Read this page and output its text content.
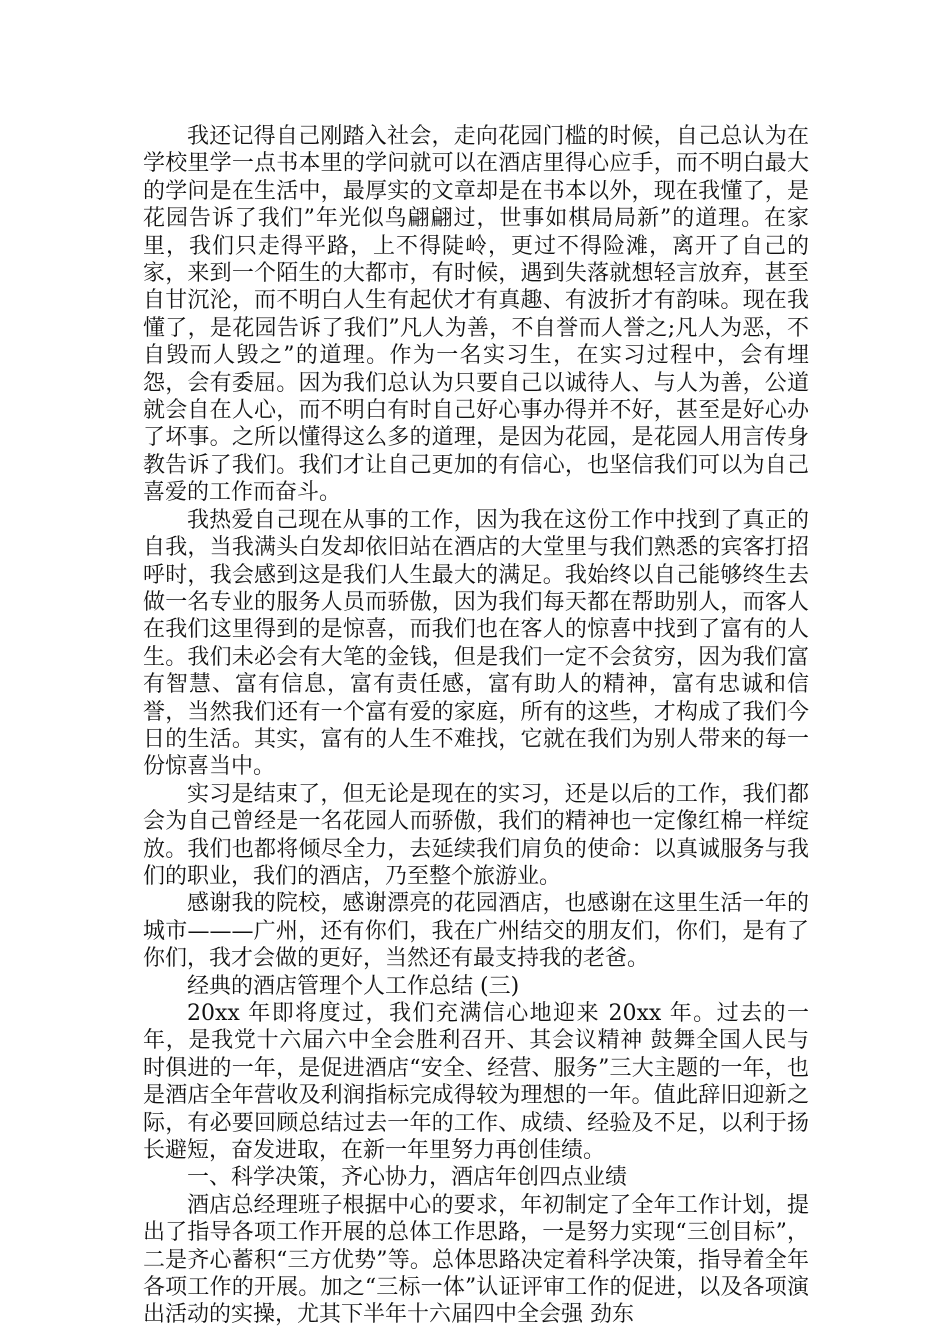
我还记得自己刚踏入社会，走向花园门槛的时候，自己总认为在学校里学一点书本里的学问就可以在酒店里得心应手，而不明白最大的学问是在生活中，最厚实的文章却是在书本以外，现在我懂了，是花园告诉了我们”年光似鸟翩翩过，世事如棋局局新”的道理。在家里，我们只走得平路，上不得陡岭，更过不得险滩，离开了自己的家，来到一个陌生的大都市，有时候，遇到失落就想轻言放弃，甚至自甘沉沦，而不明白人生有起伏才有真趣、有波折才有韵味。现在我懂了，是花园告诉了我们”凡人为善，不自誉而人誉之;凡人为恶，不自毁而人毁之”的道理。作为一名实习生，在实习过程中，会有埋怨，会有委屈。因为我们总认为只要自己以诚待人、与人为善，公道就会自在人心，而不明白有时自己好心事办得并不好，甚至是好心办了坏事。之所以懂得这么多的道理，是因为花园，是花园人用言传身教告诉了我们。我们才让自己更加的有信心，也坚信我们可以为自己喜爱的工作而奋斗。

我热爱自己现在从事的工作，因为我在这份工作中找到了真正的自我，当我满头白发却依旧站在酒店的大堂里与我们熟悉的宾客打招呼时，我会感到这是我们人生最大的满足。我始终以自己能够终生去做一名专业的服务人员而骄傲，因为我们每天都在帮助别人，而客人在我们这里得到的是惊喜，而我们也在客人的惊喜中找到了富有的人生。我们未必会有大笔的金钱，但是我们一定不会贫穷，因为我们富有智慧、富有信息，富有责任感，富有助人的精神，富有忠诚和信誉，当然我们还有一个富有爱的家庭，所有的这些，才构成了我们今日的生活。其实，富有的人生不难找，它就在我们为别人带来的每一份惊喜当中。

实习是结束了，但无论是现在的实习，还是以后的工作，我们都会为自己曾经是一名花园人而骄傲，我们的精神也一定像红棉一样绽放。我们也都将倾尽全力，去延续我们肩负的使命：以真诚服务与我们的职业，我们的酒店，乃至整个旅游业。

感谢我的院校，感谢漂亮的花园酒店，也感谢在这里生活一年的城市———广州，还有你们，我在广州结交的朋友们，你们，是有了你们，我才会做的更好，当然还有最支持我的老爸。

经典的酒店管理个人工作总结 (三)

20xx 年即将度过，我们充满信心地迎来 20xx 年。过去的一年，是我党十六届六中全会胜利召开、其会议精神 鼓舞全国人民与时俱进的一年，是促进酒店“安全、经营、服务”三大主题的一年，也是酒店全年营收及利润指标完成得较为理想的一年。值此辞旧迎新之际，有必要回顾总结过去一年的工作、成绩、经验及不足，以利于扬长避短，奋发进取，在新一年里努力再创佳绩。

一、科学决策，齐心协力，酒店年创四点业绩

酒店总经理班子根据中心的要求，年初制定了全年工作计划，提出了指导各项工作开展的总体工作思路，一是努力实现“三创目标”，二是齐心蓄积“三方优势”等。总体思路决定着科学决策，指导着全年各项工作的开展。加之“三标一体”认证评审工作的促进，以及各项演出活动的实操，尤其下半年十六届四中全会强 劲东
